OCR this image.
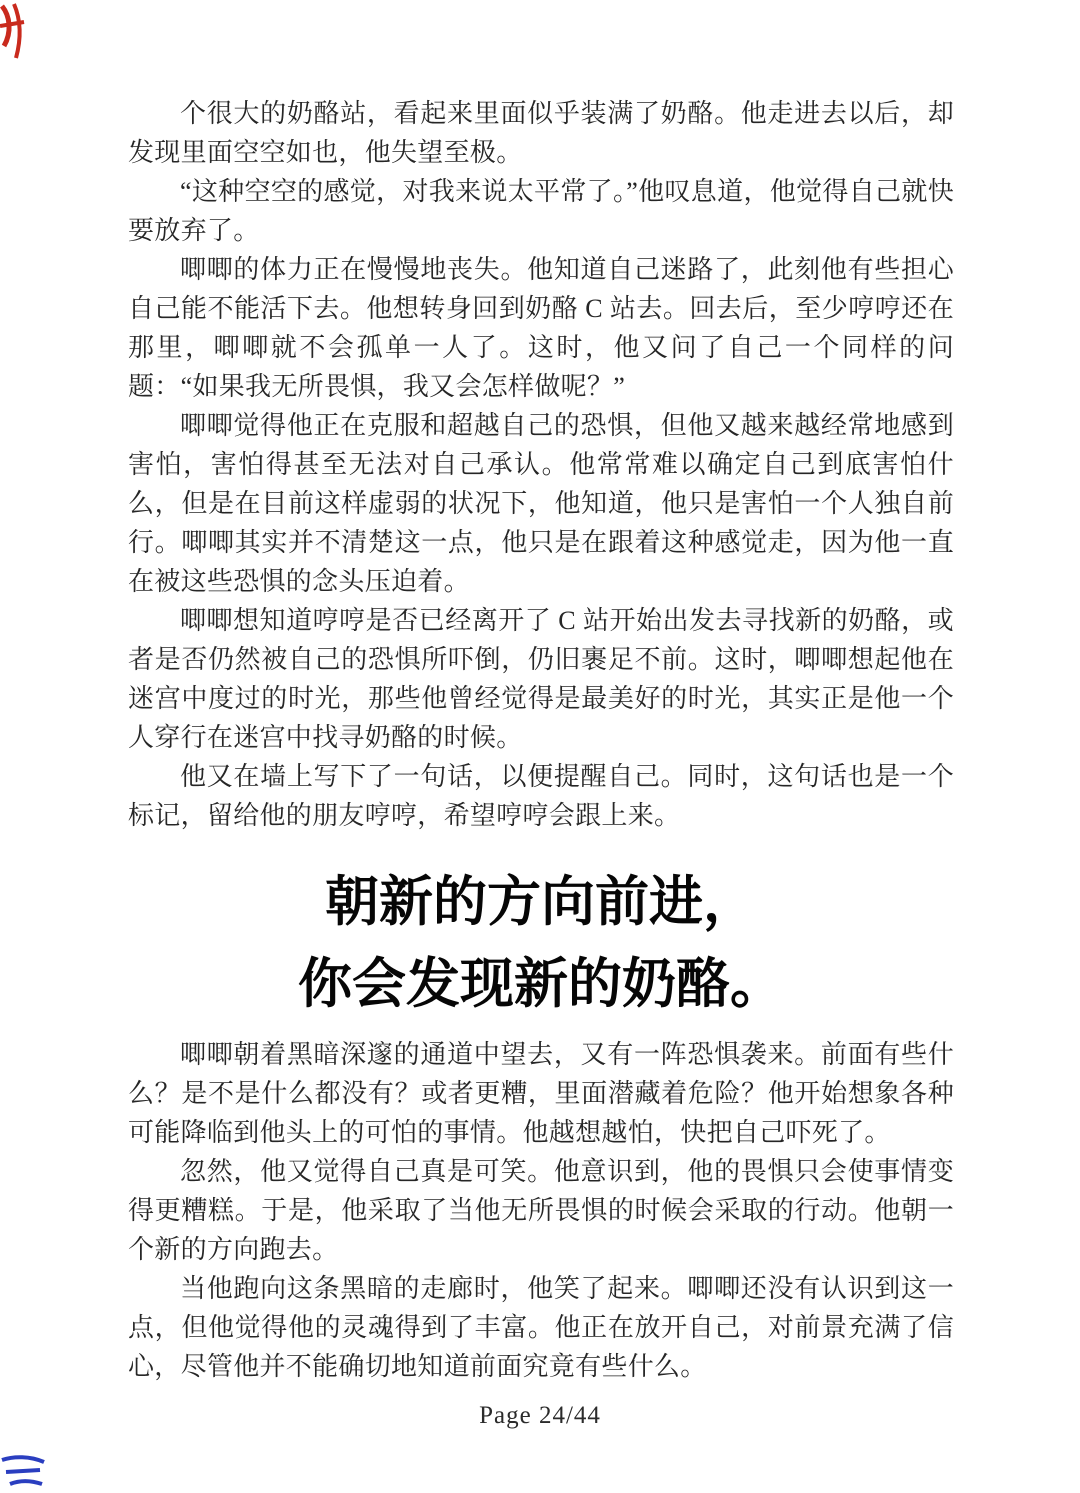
个很大的奶酪站，看起来里面似乎装满了奶酪。他走进去以后，却发现里面空空如也，他失望至极。

“这种空空的感觉，对我来说太平常了。”他叹息道，他觉得自己就快要放弃了。

唧唧的体力正在慢慢地丧失。他知道自己迷路了，此刻他有些担心自己能不能活下去。他想转身回到奶酪 C 站去。回去后，至少哼哼还在那里，唧唧就不会孤单一人了。这时，他又问了自己一个同样的问题：“如果我无所畏惧，我又会怎样做呢？”

唧唧觉得他正在克服和超越自己的恐惧，但他又越来越经常地感到害怕，害怕得甚至无法对自己承认。他常常难以确定自己到底害怕什么，但是在目前这样虚弱的状况下，他知道，他只是害怕一个人独自前行。唧唧其实并不清楚这一点，他只是在跟着这种感觉走，因为他一直在被这些恐惧的念头压迫着。

唧唧想知道哼哼是否已经离开了 C 站开始出发去寻找新的奶酪，或者是否仍然被自己的恐惧所吓倒，仍旧裹足不前。这时，唧唧想起他在迷宫中度过的时光，那些他曾经觉得是最美好的时光，其实正是他一个人穿行在迷宫中找寻奶酪的时候。

他又在墙上写下了一句话，以便提醒自己。同时，这句话也是一个标记，留给他的朋友哼哼，希望哼哼会跟上来。

朝新的方向前进，
你会发现新的奶酪。

唧唧朝着黑暗深邃的通道中望去，又有一阵恐惧袭来。前面有些什么？是不是什么都没有？或者更糟，里面潜藏着危险？他开始想象各种可能降临到他头上的可怕的事情。他越想越怕，快把自己吓死了。

忽然，他又觉得自己真是可笑。他意识到，他的畏惧只会使事情变得更糟糕。于是，他采取了当他无所畏惧的时候会采取的行动。他朝一个新的方向跑去。

当他跑向这条黑暗的走廊时，他笑了起来。唧唧还没有认识到这一点，但他觉得他的灵魂得到了丰富。他正在放开自己，对前景充满了信心，尽管他并不能确切地知道前面究竟有些什么。

Page 24/44
